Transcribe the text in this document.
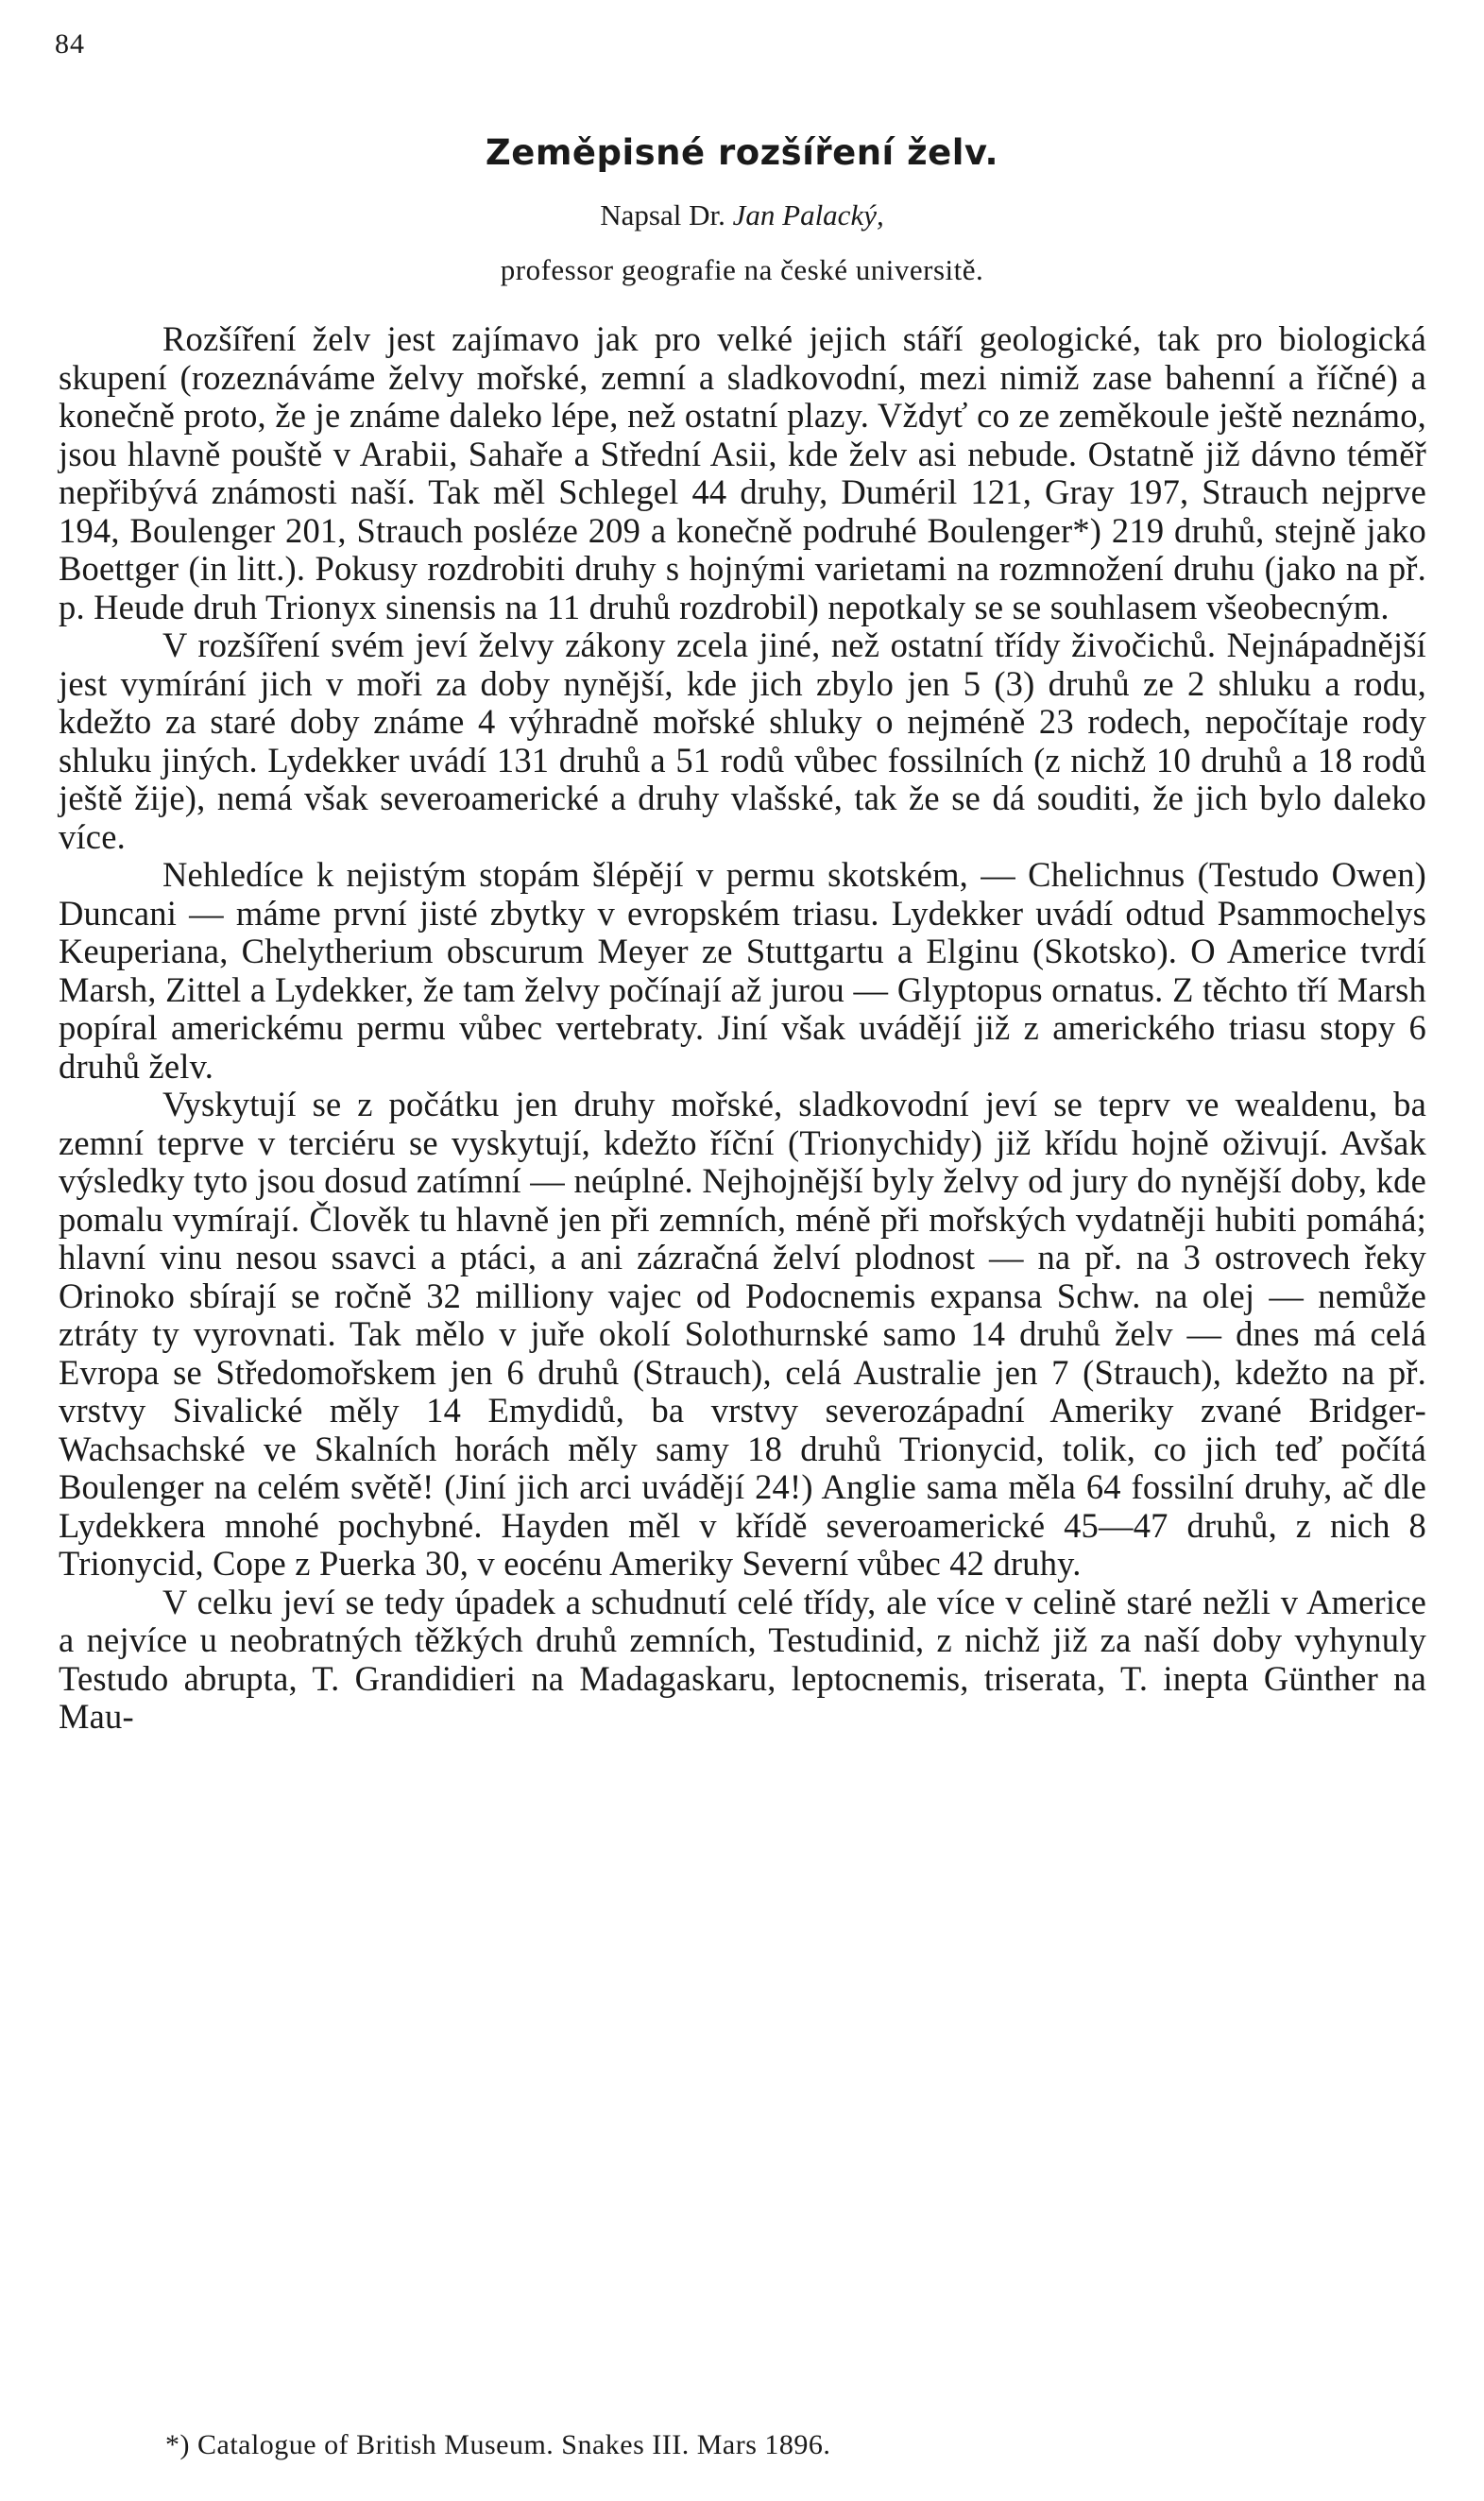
84
Zeměpisné rozšíření želv.
Napsal Dr. Jan Palacký,
professor geografie na české universitě.

Rozšíření želv jest zajímavo jak pro velké jejich stáří geologické, tak pro biologická skupení (rozeznáváme želvy mořské, zemní a sladkovodní, mezi nimiž zase bahenní a říčné) a konečně proto, že je známe daleko lépe, než ostatní plazy. Vždyť co ze zeměkoule ještě neznámo, jsou hlavně pouště v Arabii, Sahaře a Střední Asii, kde želv asi nebude. Ostatně již dávno téměř nepřibývá známosti naší. Tak měl Schlegel 44 druhy, Duméril 121, Gray 197, Strauch nejprve 194, Boulenger 201, Strauch posléze 209 a konečně podruhé Boulenger*) 219 druhů, stejně jako Boettger (in litt.). Pokusy rozdrobiti druhy s hojnými varietami na rozmnožení druhu (jako na př. p. Heude druh Trionyx sinensis na 11 druhů rozdrobil) nepotkaly se se souhlasem všeobecným.

V rozšíření svém jeví želvy zákony zcela jiné, než ostatní třídy živočichů. Nejnápadnější jest vymírání jich v moři za doby nynější, kde jich zbylo jen 5 (3) druhů ze 2 shluku a rodu, kdežto za staré doby známe 4 výhradně mořské shluky o nejméně 23 rodech, nepočítaje rody shluku jiných. Lydekker uvádí 131 druhů a 51 rodů vůbec fossilních (z nichž 10 druhů a 18 rodů ještě žije), nemá však severoamerické a druhy vlašské, tak že se dá souditi, že jich bylo daleko více.

Nehledíce k nejistým stopám šlépějí v permu skotském, — Chelichnus (Testudo Owen) Duncani — máme první jisté zbytky v evropském triasu. Lydekker uvádí odtud Psammochelys Keuperiana, Chelytherium obscurum Meyer ze Stuttgartu a Elginu (Skotsko). O Americe tvrdí Marsh, Zittel a Lydekker, že tam želvy počínají až jurou — Glyptopus ornatus. Z těchto tří Marsh popíral americkému permu vůbec vertebraty. Jiní však uvádějí již z amerického triasu stopy 6 druhů želv.

Vyskytují se z počátku jen druhy mořské, sladkovodní jeví se teprv ve wealdenu, ba zemní teprve v terciéru se vyskytují, kdežto říční (Trionychidy) již křídu hojně oživují. Avšak výsledky tyto jsou dosud zatímní — neúplné. Nejhojnější byly želvy od jury do nynější doby, kde pomalu vymírají. Člověk tu hlavně jen při zemních, méně při mořských vydatněji hubiti pomáhá; hlavní vinu nesou ssavci a ptáci, a ani zázračná želví plodnost — na př. na 3 ostrovech řeky Orinoko sbírají se ročně 32 milliony vajec od Podocnemis expansa Schw. na olej — nemůže ztráty ty vyrovnati. Tak mělo v juře okolí Solothurnské samo 14 druhů želv — dnes má celá Evropa se Středomořskem jen 6 druhů (Strauch), celá Australie jen 7 (Strauch), kdežto na př. vrstvy Sivalické měly 14 Emydidů, ba vrstvy severozápadní Ameriky zvané Bridger-Wachsachské ve Skalních horách měly samy 18 druhů Trionycid, tolik, co jich teď počítá Boulenger na celém světě! (Jiní jich arci uvádějí 24!) Anglie sama měla 64 fossilní druhy, ač dle Lydekkera mnohé pochybné. Hayden měl v křídě severoamerické 45—47 druhů, z nich 8 Trionycid, Cope z Puerka 30, v eocénu Ameriky Severní vůbec 42 druhy.

V celku jeví se tedy úpadek a schudnutí celé třídy, ale více v celině staré nežli v Americe a nejvíce u neobratných těžkých druhů zemních, Testudinid, z nichž již za naší doby vyhynuly Testudo abrupta, T. Grandidieri na Madagaskaru, leptocnemis, triserata, T. inepta Günther na Mau-

*) Catalogue of British Museum. Snakes III. Mars 1896.
